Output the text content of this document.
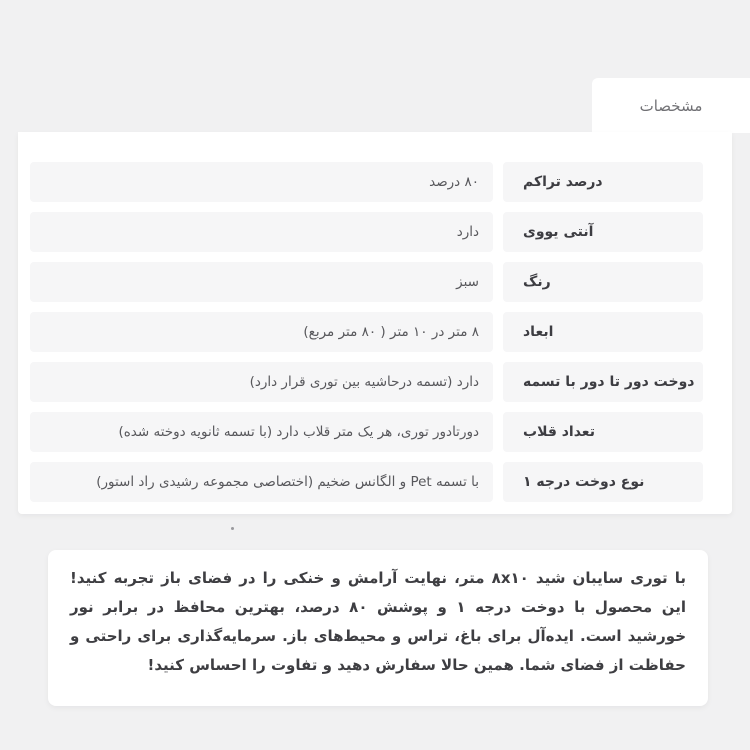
مشخصات
درصد تراکم
۸۰ درصد
آنتی یووی
دارد
رنگ
سبز
ابعاد
۸ متر در ۱۰ متر ( ۸۰ متر مربع)
دوخت دور تا دور با تسمه
دارد (تسمه درحاشیه بین توری قرار دارد)
تعداد قلاب
دورتادور توری، هر یک متر قلاب دارد (با تسمه ثانویه دوخته شده)
نوع دوخت درجه ۱
با تسمه Pet و الگانس ضخیم (اختصاصی مجموعه رشیدی راد استور)

با توری سایبان شید ۸x۱۰ متر، نهایت آرامش و خنکی را در فضای باز تجربه کنید! این محصول با دوخت درجه ۱ و پوشش ۸۰ درصد، بهترین محافظ در برابر نور خورشید است. ایده‌آل برای باغ، تراس و محیط‌های باز. سرمایه‌گذاری برای راحتی و حفاظت از فضای شما. همین حالا سفارش دهید و تفاوت را احساس کنید!
